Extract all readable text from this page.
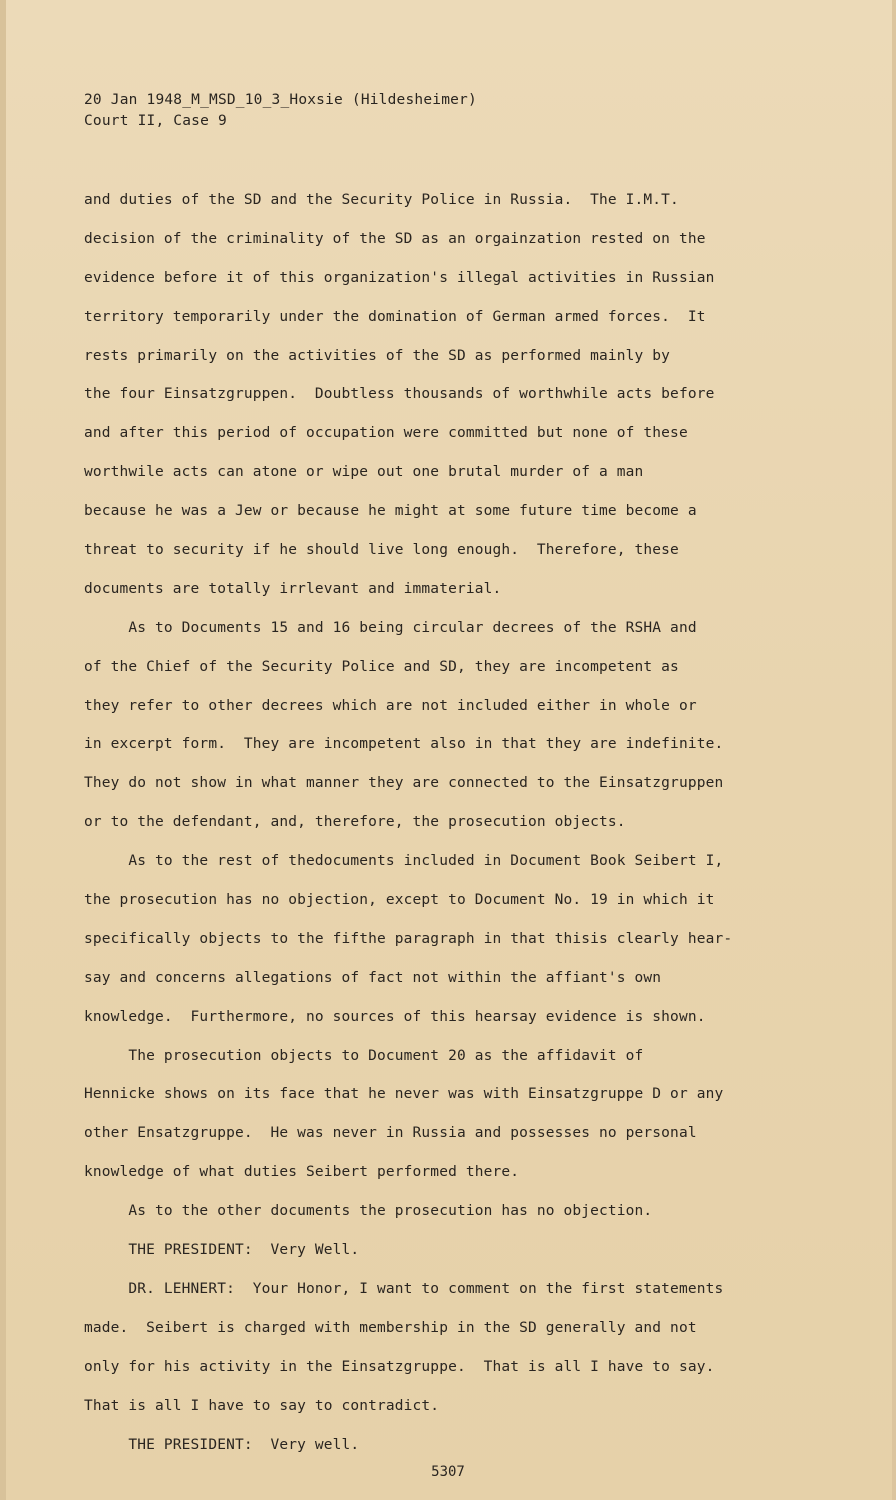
20 Jan 1948_M_MSD_10_3_Hoxsie (Hildesheimer)
Court II, Case 9
and duties of the SD and the Security Police in Russia.  The I.M.T.
decision of the criminality of the SD as an orgainzation rested on the
evidence before it of this organization's illegal activities in Russian
territory temporarily under the domination of German armed forces.  It
rests primarily on the activities of the SD as performed mainly by
the four Einsatzgruppen.  Doubtless thousands of worthwhile acts before
and after this period of occupation were committed but none of these
worthwile acts can atone or wipe out one brutal murder of a man
because he was a Jew or because he might at some future time become a
threat to security if he should live long enough.  Therefore, these
documents are totally irrlevant and immaterial.
As to Documents 15 and 16 being circular decrees of the RSHA and
of the Chief of the Security Police and SD, they are incompetent as
they refer to other decrees which are not included either in whole or
in excerpt form.  They are incompetent also in that they are indefinite.
They do not show in what manner they are connected to the Einsatzgruppen
or to the defendant, and, therefore, the prosecution objects.
As to the rest of thedocuments included in Document Book Seibert I,
the prosecution has no objection, except to Document No. 19 in which it
specifically objects to the fifthe paragraph in that thisis clearly hear-
say and concerns allegations of fact not within the affiant's own
knowledge.  Furthermore, no sources of this hearsay evidence is shown.
The prosecution objects to Document 20 as the affidavit of
Hennicke shows on its face that he never was with Einsatzgruppe D or any
other Ensatzgruppe.  He was never in Russia and possesses no personal
knowledge of what duties Seibert performed there.
As to the other documents the prosecution has no objection.
THE PRESIDENT:  Very Well.
DR. LEHNERT:  Your Honor, I want to comment on the first statements
made.  Seibert is charged with membership in the SD generally and not
only for his activity in the Einsatzgruppe.  That is all I have to say.
That is all I have to say to contradict.
THE PRESIDENT:  Very well.
5307
